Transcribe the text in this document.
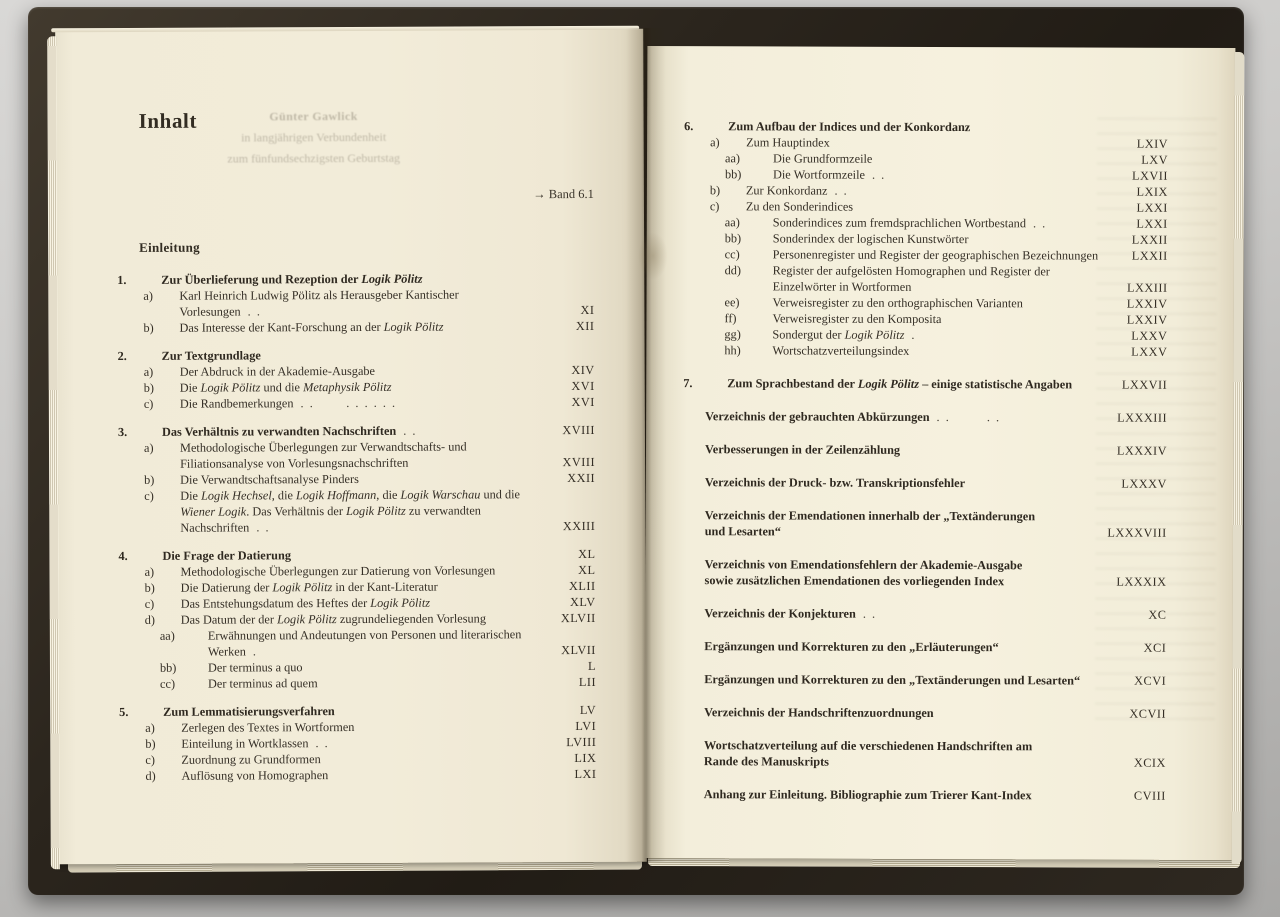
Günter Gawlick
in langjährigen Verbundenheit
zum fünfundsechzigsten Geburtstag
Inhalt
→ Band 6.1
Einleitung
1.	Zur Überlieferung und Rezeption der Logik Pölitz
a) Karl Heinrich Ludwig Pölitz als Herausgeber Kantischer
Vorlesungen . .	XI
b) Das Interesse der Kant-Forschung an der Logik Pölitz	XII
2.	Zur Textgrundlage
a) Der Abdruck in der Akademie-Ausgabe	XIV
b) Die Logik Pölitz und die Metaphysik Pölitz	XVI
c) Die Randbemerkungen . .       . . . . . .	XVI
3.	Das Verhältnis zu verwandten Nachschriften . .	XVIII
a) Methodologische Überlegungen zur Verwandtschafts- und
Filiationsanalyse von Vorlesungsnachschriften	XVIII
b) Die Verwandtschaftsanalyse Pinders	XXII
c) Die Logik Hechsel, die Logik Hoffmann, die Logik Warschau und die
Wiener Logik. Das Verhältnis der Logik Pölitz zu verwandten
Nachschriften . .	XXIII
4.	Die Frage der Datierung	XL
a) Methodologische Überlegungen zur Datierung von Vorlesungen	XL
b) Die Datierung der Logik Pölitz in der Kant-Literatur	XLII
c) Das Entstehungsdatum des Heftes der Logik Pölitz	XLV
d) Das Datum der der Logik Pölitz zugrundeliegenden Vorlesung	XLVII
aa)	Erwähnungen und Andeutungen von Personen und literarischen
Werken .	XLVII
bb)	Der terminus a quo	L
cc)	Der terminus ad quem	LII
5.	Zum Lemmatisierungsverfahren	LV
a) Zerlegen des Textes in Wortformen	LVI
b) Einteilung in Wortklassen . .	LVIII
c) Zuordnung zu Grundformen	LIX
d) Auflösung von Homographen	LXI
6.	Zum Aufbau der Indices und der Konkordanz
a) Zum Hauptindex	LXIV
aa)	Die Grundformzeile	LXV
bb)	Die Wortformzeile . .	LXVII
b) Zur Konkordanz . .	LXIX
c) Zu den Sonderindices	LXXI
aa)	Sonderindices zum fremdsprachlichen Wortbestand . .	LXXI
bb)	Sonderindex der logischen Kunstwörter	LXXII
cc)	Personenregister und Register der geographischen Bezeichnungen	LXXII
dd)	Register der aufgelösten Homographen und Register der
Einzelwörter in Wortformen	LXXIII
ee)	Verweisregister zu den orthographischen Varianten	LXXIV
ff)	Verweisregister zu den Komposita	LXXIV
gg)	Sondergut der Logik Pölitz .	LXXV
hh)	Wortschatzverteilungsindex	LXXV
7.	Zum Sprachbestand der Logik Pölitz – einige statistische Angaben	LXXVII
Verzeichnis der gebrauchten Abkürzungen . .        . .	LXXXIII
Verbesserungen in der Zeilenzählung	LXXXIV
Verzeichnis der Druck- bzw. Transkriptionsfehler	LXXXV
Verzeichnis der Emendationen innerhalb der „Textänderungen
und Lesarten“	LXXXVIII
Verzeichnis von Emendationsfehlern der Akademie-Ausgabe
sowie zusätzlichen Emendationen des vorliegenden Index	LXXXIX
Verzeichnis der Konjekturen . .	XC
Ergänzungen und Korrekturen zu den „Erläuterungen“	XCI
Ergänzungen und Korrekturen zu den „Textänderungen und Lesarten“	XCVI
Verzeichnis der Handschriftenzuordnungen	XCVII
Wortschatzverteilung auf die verschiedenen Handschriften am
Rande des Manuskripts	XCIX
Anhang zur Einleitung. Bibliographie zum Trierer Kant-Index	CVIII
